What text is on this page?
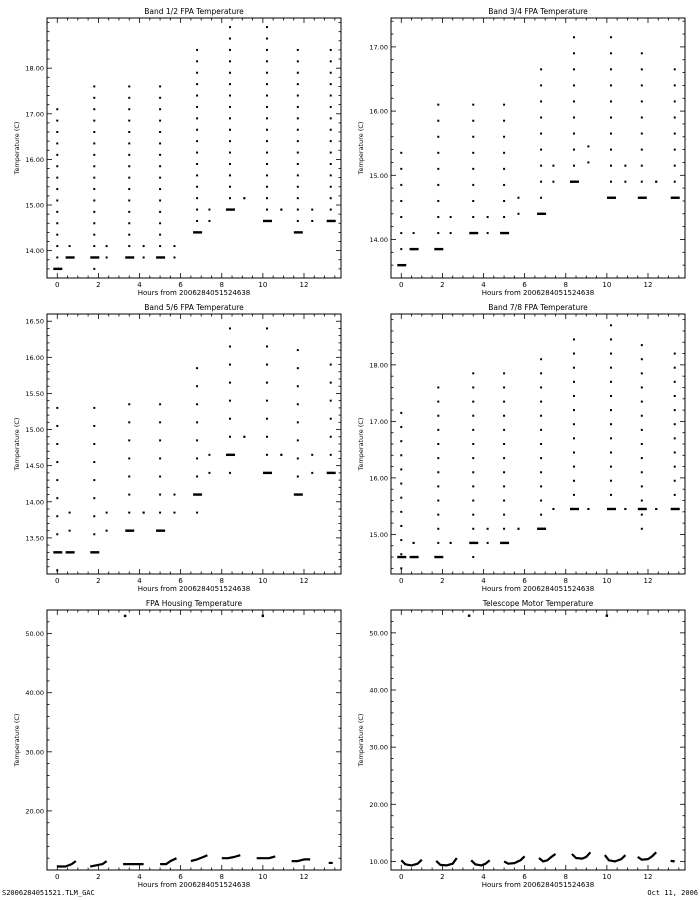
Band 1/2 FPA Temperature
Hours from 2006284051524638
Temperature (C)
0	2	4	6	8	10	12
14.00
15.00
16.00
17.00
18.00
Band 3/4 FPA Temperature
Hours from 2006284051524638
Temperature (C)
0	2	4	6	8	10	12
14.00
15.00
16.00
17.00
Band 5/6 FPA Temperature
Hours from 2006284051524638
Temperature (C)
0	2	4	6	8	10	12
13.50
14.00
14.50
15.00
15.50
16.00
16.50
Band 7/8 FPA Temperature
Hours from 2006284051524638
Temperature (C)
0	2	4	6	8	10	12
15.00
16.00
17.00
18.00
FPA Housing Temperature
Hours from 2006284051524638
Temperature (C)
0	2	4	6	8	10	12
20.00
30.00
40.00
50.00
Telescope Motor Temperature
Hours from 2006284051524638
Temperature (C)
0	2	4	6	8	10	12
10.00
20.00
30.00
40.00
50.00
S2006284051521.TLM_GAC	Oct 11, 2006
